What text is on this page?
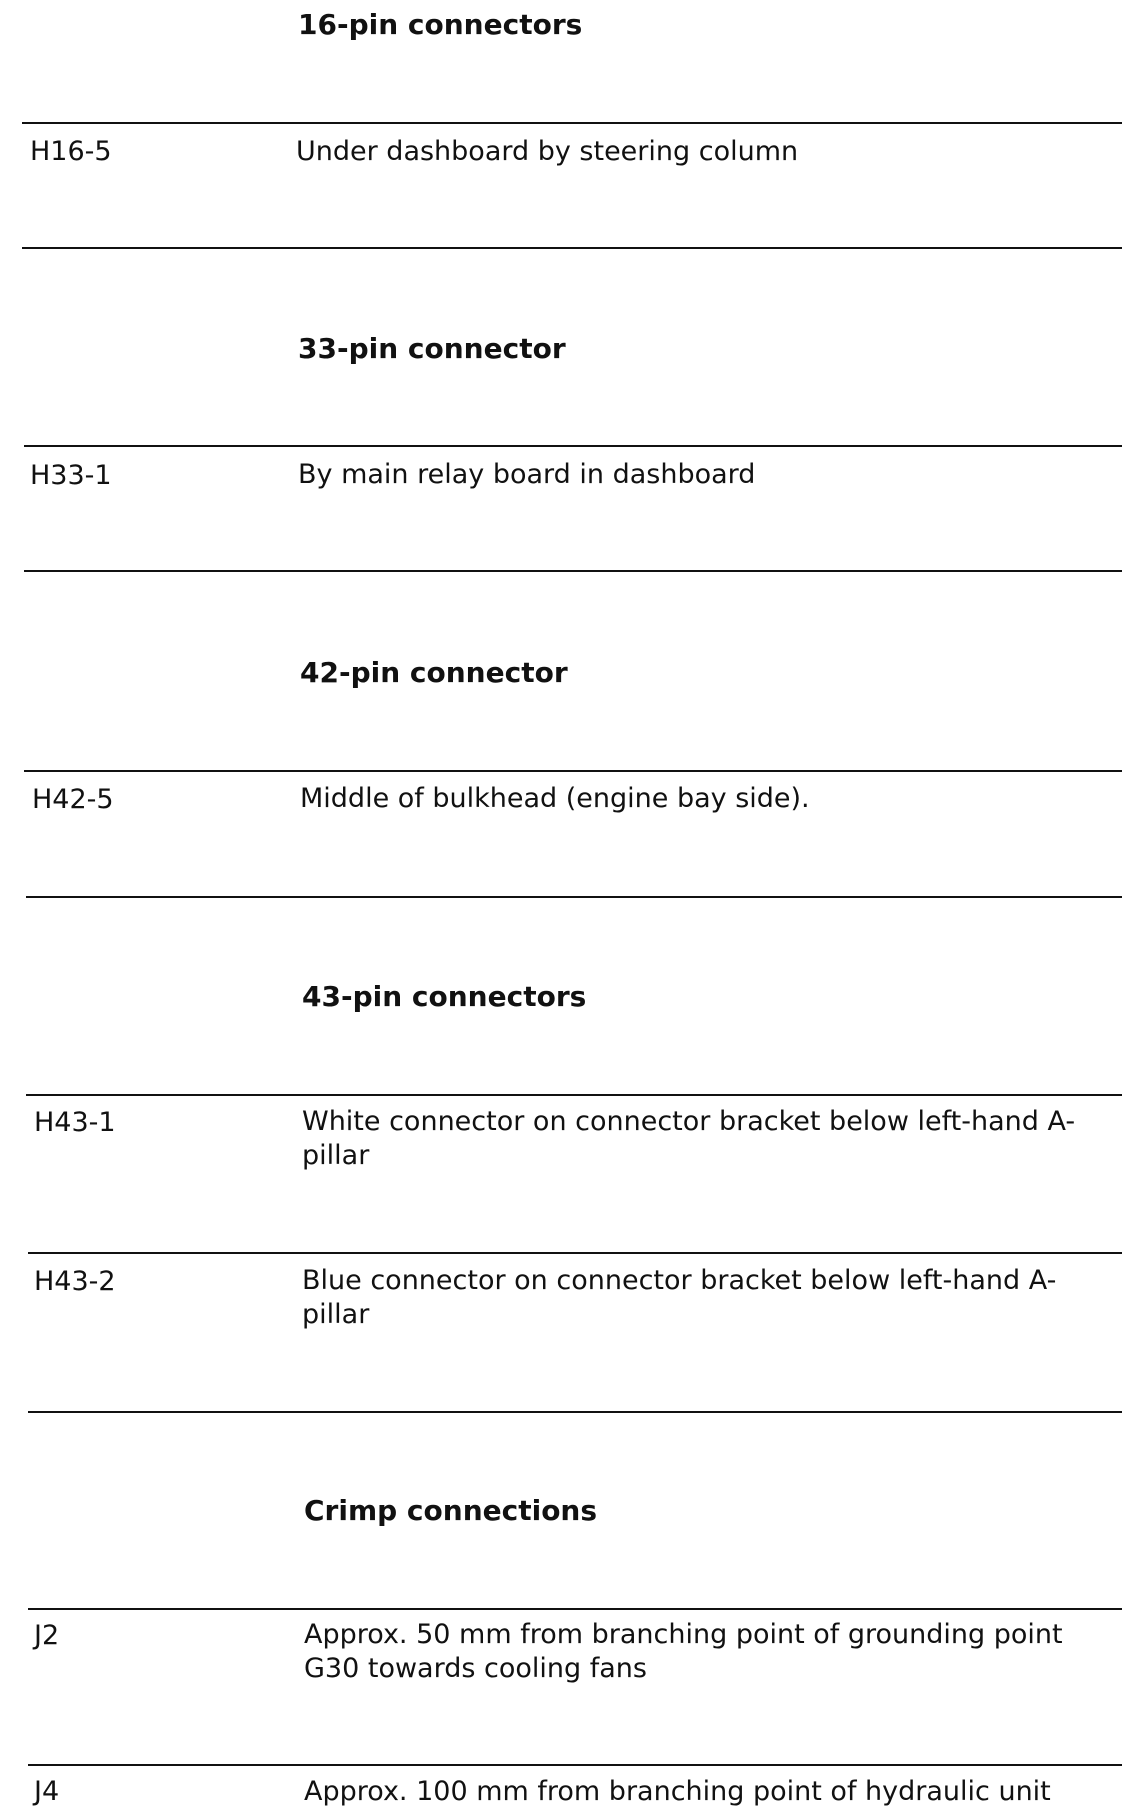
16-pin connectors
H16-5	Under dashboard by steering column
33-pin connector
H33-1	By main relay board in dashboard
42-pin connector
H42-5	Middle of bulkhead (engine bay side).
43-pin connectors
H43-1	White connector on connector bracket below left-hand A-pillar
H43-2	Blue connector on connector bracket below left-hand A-pillar
Crimp connections
J2	Approx. 50 mm from branching point of grounding point G30 towards cooling fans
J4	Approx. 100 mm from branching point of hydraulic unit
